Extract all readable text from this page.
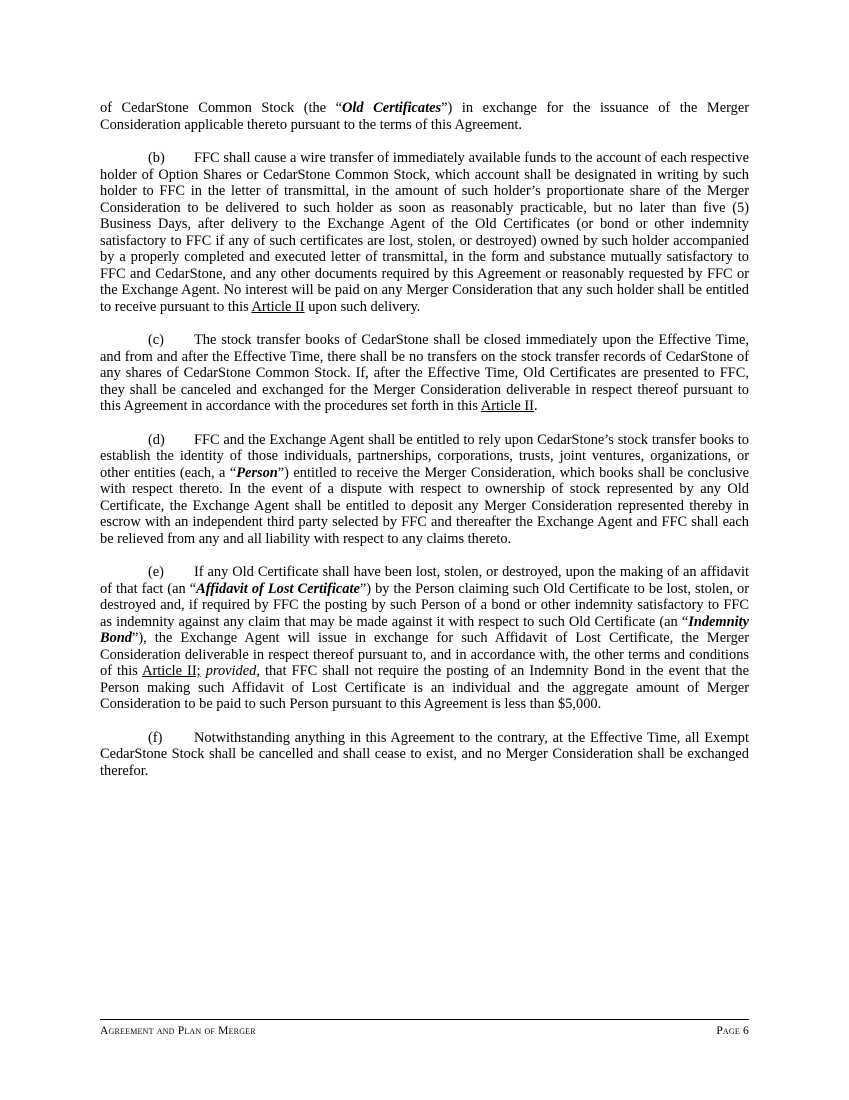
of CedarStone Common Stock (the “Old Certificates”) in exchange for the issuance of the Merger Consideration applicable thereto pursuant to the terms of this Agreement.

(b) FFC shall cause a wire transfer of immediately available funds to the account of each respective holder of Option Shares or CedarStone Common Stock, which account shall be designated in writing by such holder to FFC in the letter of transmittal, in the amount of such holder’s proportionate share of the Merger Consideration to be delivered to such holder as soon as reasonably practicable, but no later than five (5) Business Days, after delivery to the Exchange Agent of the Old Certificates (or bond or other indemnity satisfactory to FFC if any of such certificates are lost, stolen, or destroyed) owned by such holder accompanied by a properly completed and executed letter of transmittal, in the form and substance mutually satisfactory to FFC and CedarStone, and any other documents required by this Agreement or reasonably requested by FFC or the Exchange Agent. No interest will be paid on any Merger Consideration that any such holder shall be entitled to receive pursuant to this Article II upon such delivery.

(c) The stock transfer books of CedarStone shall be closed immediately upon the Effective Time, and from and after the Effective Time, there shall be no transfers on the stock transfer records of CedarStone of any shares of CedarStone Common Stock. If, after the Effective Time, Old Certificates are presented to FFC, they shall be canceled and exchanged for the Merger Consideration deliverable in respect thereof pursuant to this Agreement in accordance with the procedures set forth in this Article II.

(d) FFC and the Exchange Agent shall be entitled to rely upon CedarStone’s stock transfer books to establish the identity of those individuals, partnerships, corporations, trusts, joint ventures, organizations, or other entities (each, a “Person”) entitled to receive the Merger Consideration, which books shall be conclusive with respect thereto. In the event of a dispute with respect to ownership of stock represented by any Old Certificate, the Exchange Agent shall be entitled to deposit any Merger Consideration represented thereby in escrow with an independent third party selected by FFC and thereafter the Exchange Agent and FFC shall each be relieved from any and all liability with respect to any claims thereto.

(e) If any Old Certificate shall have been lost, stolen, or destroyed, upon the making of an affidavit of that fact (an “Affidavit of Lost Certificate”) by the Person claiming such Old Certificate to be lost, stolen, or destroyed and, if required by FFC the posting by such Person of a bond or other indemnity satisfactory to FFC as indemnity against any claim that may be made against it with respect to such Old Certificate (an “Indemnity Bond”), the Exchange Agent will issue in exchange for such Affidavit of Lost Certificate, the Merger Consideration deliverable in respect thereof pursuant to, and in accordance with, the other terms and conditions of this Article II; provided, that FFC shall not require the posting of an Indemnity Bond in the event that the Person making such Affidavit of Lost Certificate is an individual and the aggregate amount of Merger Consideration to be paid to such Person pursuant to this Agreement is less than $5,000.

(f) Notwithstanding anything in this Agreement to the contrary, at the Effective Time, all Exempt CedarStone Stock shall be cancelled and shall cease to exist, and no Merger Consideration shall be exchanged therefor.

Agreement and Plan of Merger	Page 6
